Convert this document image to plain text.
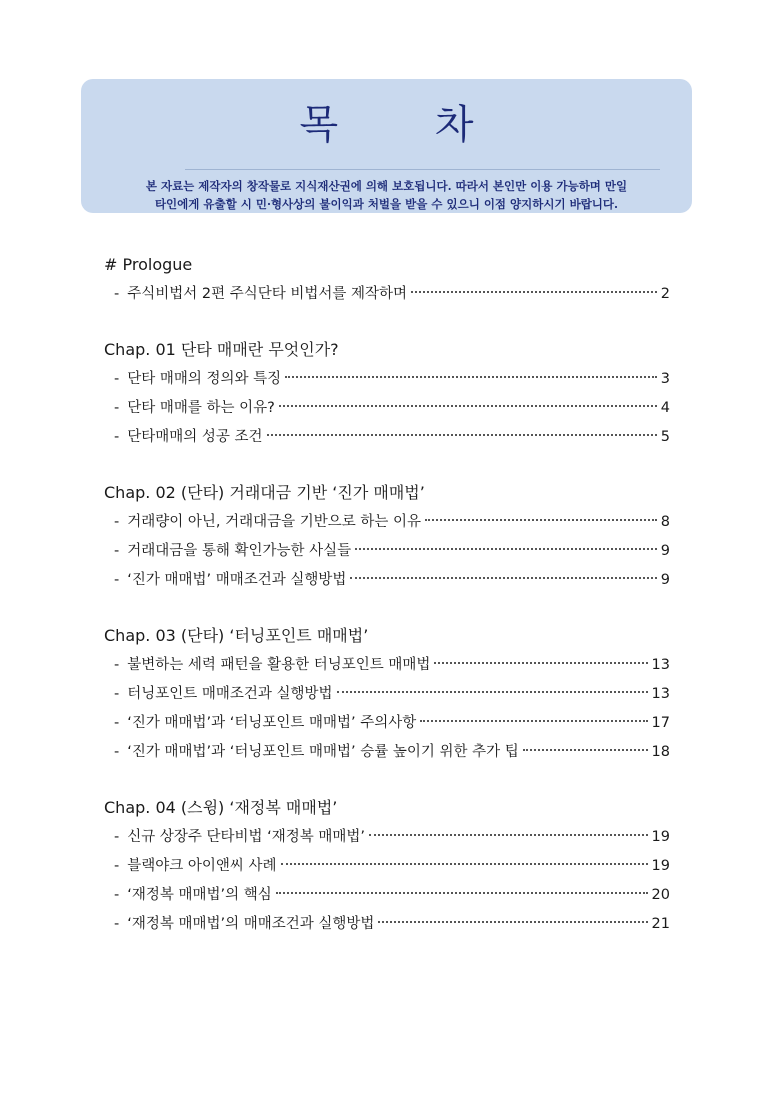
목 차
본 자료는 제작자의 창작물로 지식재산권에 의해 보호됩니다. 따라서 본인만 이용 가능하며 만일
타인에게 유출할 시 민·형사상의 불이익과 처벌을 받을 수 있으니 이점 양지하시기 바랍니다.
# Prologue
- 주식비법서 2편 주식단타 비법서를 제작하며	2
Chap. 01 단타 매매란 무엇인가?
- 단타 매매의 정의와 특징	3
- 단타 매매를 하는 이유?	4
- 단타매매의 성공 조건	5
Chap. 02 (단타) 거래대금 기반 ‘진가 매매법’
- 거래량이 아닌, 거래대금을 기반으로 하는 이유	8
- 거래대금을 통해 확인가능한 사실들	9
- ‘진가 매매법’ 매매조건과 실행방법	9
Chap. 03 (단타) ‘터닝포인트 매매법’
- 불변하는 세력 패턴을 활용한 터닝포인트 매매법	13
- 터닝포인트 매매조건과 실행방법	13
- ‘진가 매매법’과 ‘터닝포인트 매매법’ 주의사항	17
- ‘진가 매매법’과 ‘터닝포인트 매매법’ 승률 높이기 위한 추가 팁	18
Chap. 04 (스윙) ‘재정복 매매법’
- 신규 상장주 단타비법 ‘재정복 매매법’	19
- 블랙야크 아이앤씨 사례	19
- ‘재정복 매매법’의 핵심	20
- ‘재정복 매매법’의 매매조건과 실행방법	21
